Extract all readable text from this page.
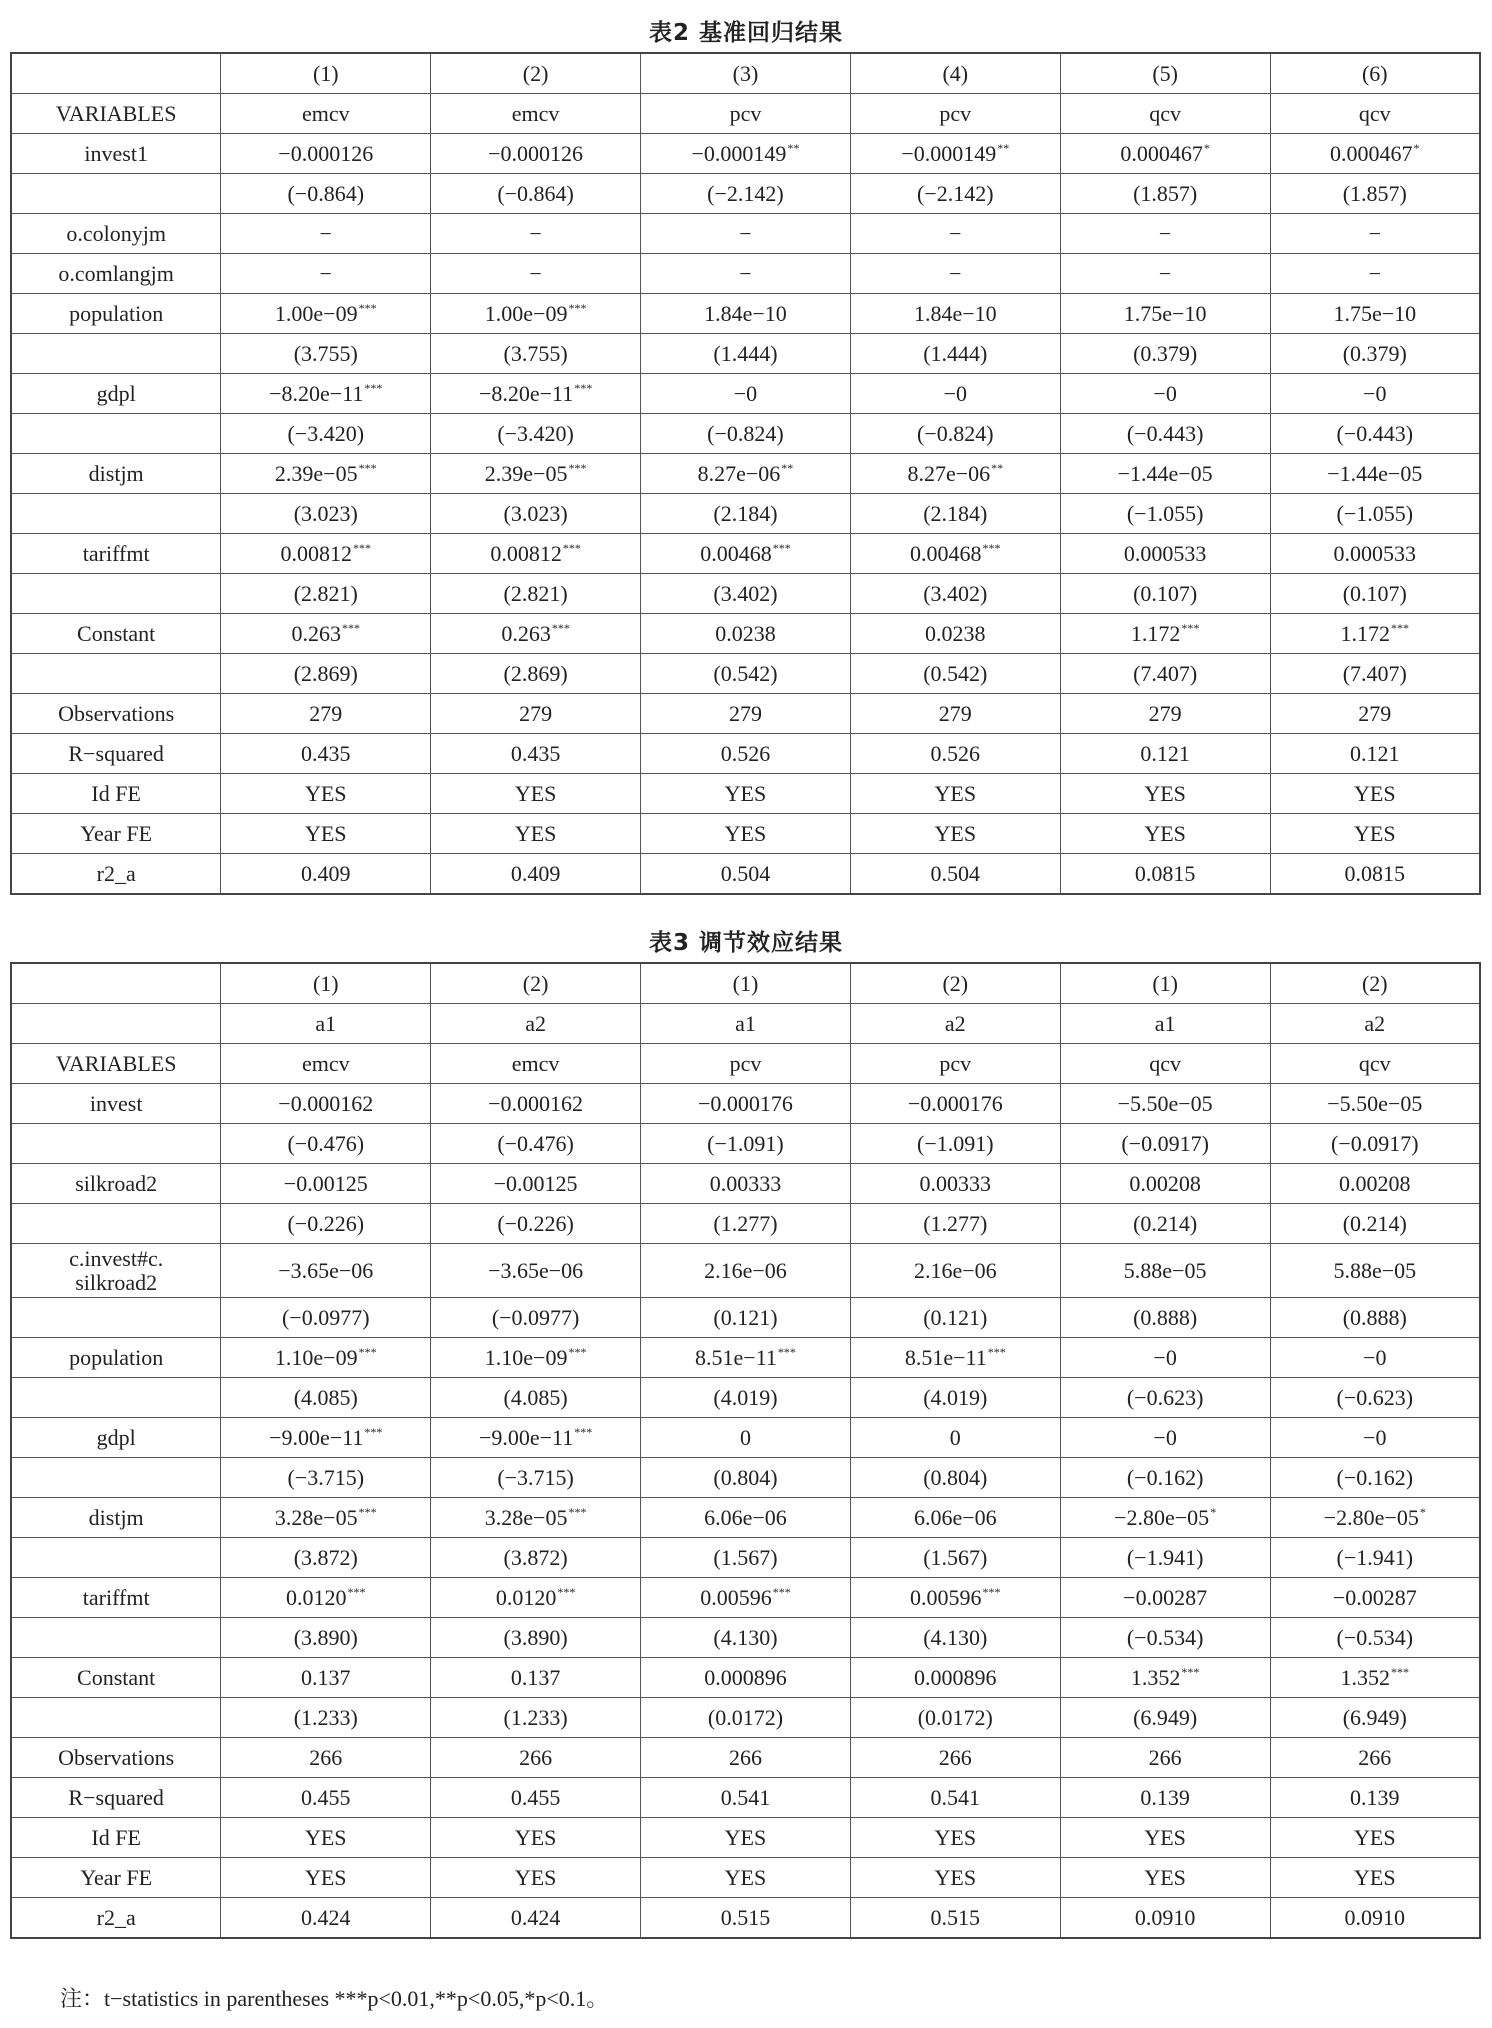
表2 基准回归结果
	(1)	(2)	(3)	(4)	(5)	(6)
VARIABLES	emcv	emcv	pcv	pcv	qcv	qcv
invest1	−0.000126	−0.000126	−0.000149**	−0.000149**	0.000467*	0.000467*
	(−0.864)	(−0.864)	(−2.142)	(−2.142)	(1.857)	(1.857)
o.colonyjm	−	−	−	−	−	−
o.comlangjm	−	−	−	−	−	−
population	1.00e−09***	1.00e−09***	1.84e−10	1.84e−10	1.75e−10	1.75e−10
	(3.755)	(3.755)	(1.444)	(1.444)	(0.379)	(0.379)
gdpl	−8.20e−11***	−8.20e−11***	−0	−0	−0	−0
	(−3.420)	(−3.420)	(−0.824)	(−0.824)	(−0.443)	(−0.443)
distjm	2.39e−05***	2.39e−05***	8.27e−06**	8.27e−06**	−1.44e−05	−1.44e−05
	(3.023)	(3.023)	(2.184)	(2.184)	(−1.055)	(−1.055)
tariffmt	0.00812***	0.00812***	0.00468***	0.00468***	0.000533	0.000533
	(2.821)	(2.821)	(3.402)	(3.402)	(0.107)	(0.107)
Constant	0.263***	0.263***	0.0238	0.0238	1.172***	1.172***
	(2.869)	(2.869)	(0.542)	(0.542)	(7.407)	(7.407)
Observations	279	279	279	279	279	279
R−squared	0.435	0.435	0.526	0.526	0.121	0.121
Id FE	YES	YES	YES	YES	YES	YES
Year FE	YES	YES	YES	YES	YES	YES
r2_a	0.409	0.409	0.504	0.504	0.0815	0.0815
表3 调节效应结果
	(1)	(2)	(1)	(2)	(1)	(2)
	a1	a2	a1	a2	a1	a2
VARIABLES	emcv	emcv	pcv	pcv	qcv	qcv
invest	−0.000162	−0.000162	−0.000176	−0.000176	−5.50e−05	−5.50e−05
	(−0.476)	(−0.476)	(−1.091)	(−1.091)	(−0.0917)	(−0.0917)
silkroad2	−0.00125	−0.00125	0.00333	0.00333	0.00208	0.00208
	(−0.226)	(−0.226)	(1.277)	(1.277)	(0.214)	(0.214)
c.invest#c.
silkroad2	−3.65e−06	−3.65e−06	2.16e−06	2.16e−06	5.88e−05	5.88e−05
	(−0.0977)	(−0.0977)	(0.121)	(0.121)	(0.888)	(0.888)
population	1.10e−09***	1.10e−09***	8.51e−11***	8.51e−11***	−0	−0
	(4.085)	(4.085)	(4.019)	(4.019)	(−0.623)	(−0.623)
gdpl	−9.00e−11***	−9.00e−11***	0	0	−0	−0
	(−3.715)	(−3.715)	(0.804)	(0.804)	(−0.162)	(−0.162)
distjm	3.28e−05***	3.28e−05***	6.06e−06	6.06e−06	−2.80e−05*	−2.80e−05*
	(3.872)	(3.872)	(1.567)	(1.567)	(−1.941)	(−1.941)
tariffmt	0.0120***	0.0120***	0.00596***	0.00596***	−0.00287	−0.00287
	(3.890)	(3.890)	(4.130)	(4.130)	(−0.534)	(−0.534)
Constant	0.137	0.137	0.000896	0.000896	1.352***	1.352***
	(1.233)	(1.233)	(0.0172)	(0.0172)	(6.949)	(6.949)
Observations	266	266	266	266	266	266
R−squared	0.455	0.455	0.541	0.541	0.139	0.139
Id FE	YES	YES	YES	YES	YES	YES
Year FE	YES	YES	YES	YES	YES	YES
r2_a	0.424	0.424	0.515	0.515	0.0910	0.0910
注：t−statistics in parentheses ***p<0.01,**p<0.05,*p<0.1。
